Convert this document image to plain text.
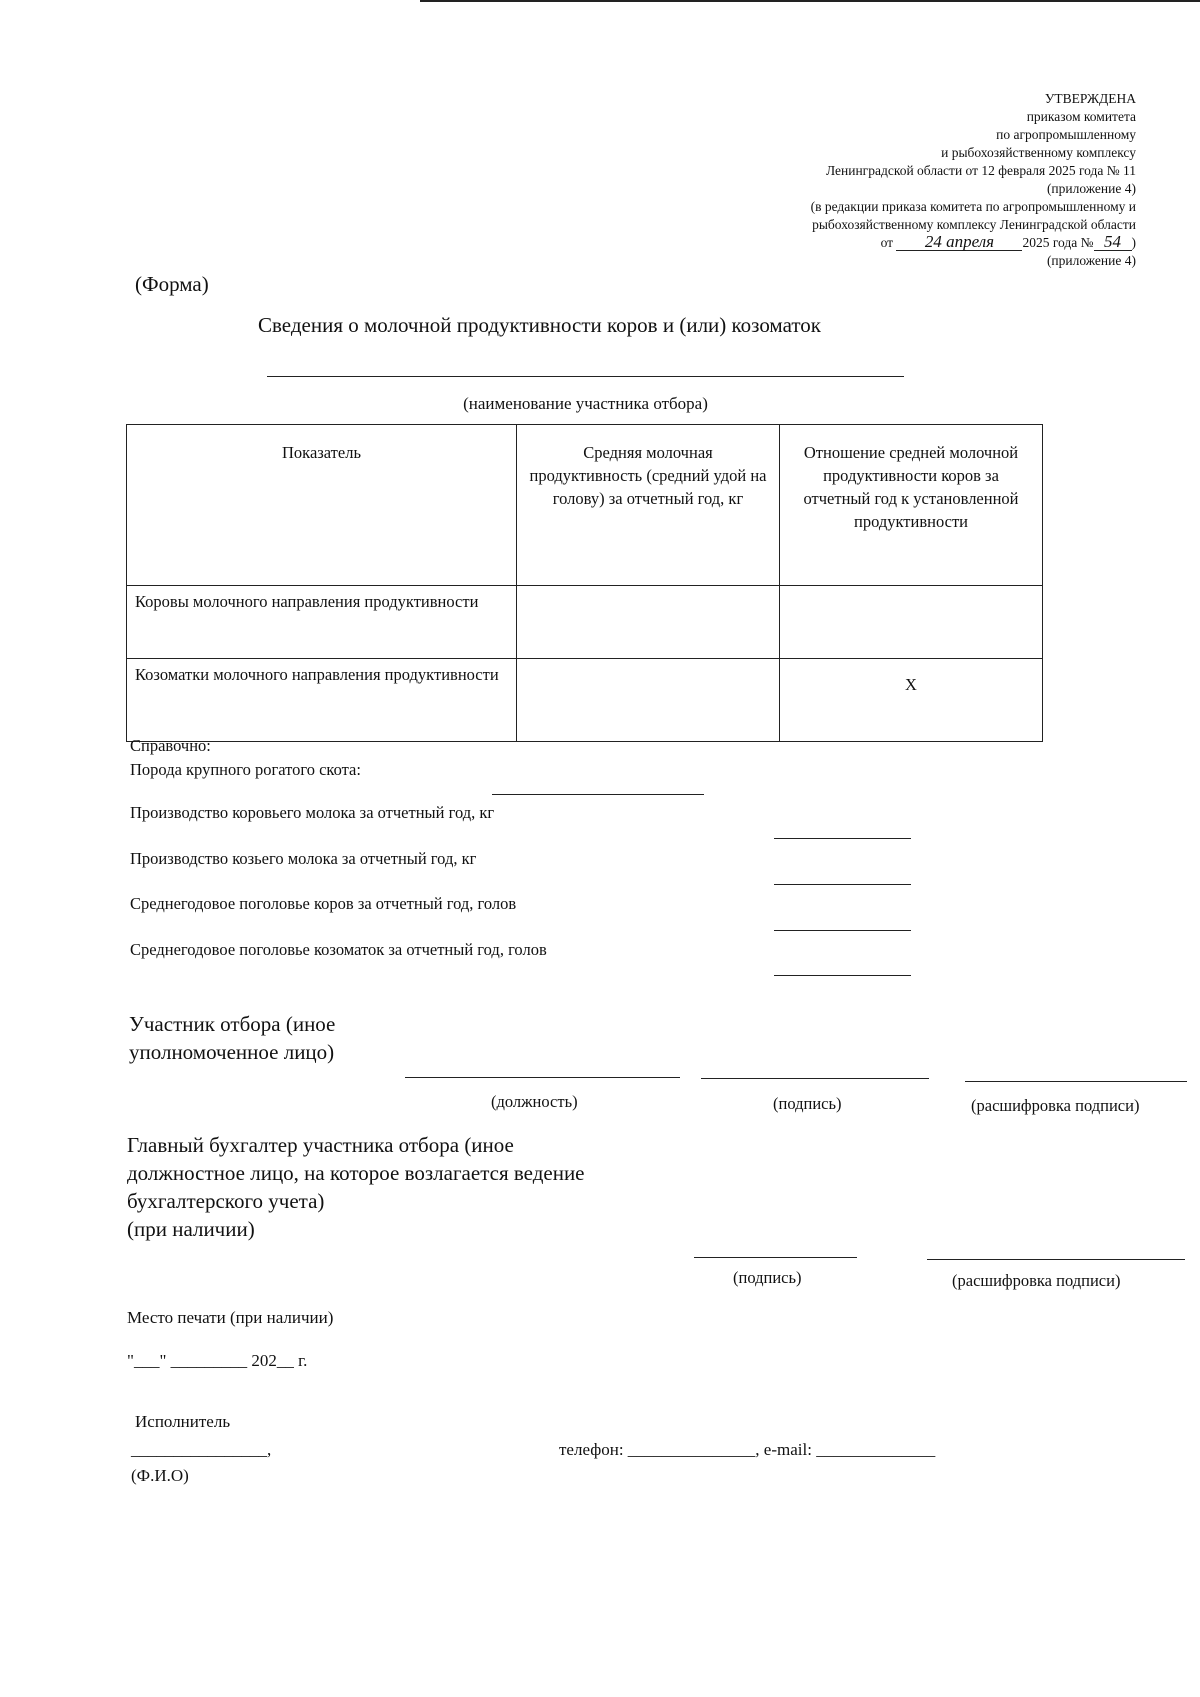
УТВЕРЖДЕНА
приказом комитета
по агропромышленному
и рыбохозяйственному комплексу
Ленинградской области от 12 февраля 2025 года № 11
(приложение 4)
(в редакции приказа комитета по агропромышленному и
рыбохозяйственному комплексу Ленинградской области
от 24 апреля 2025 года № 54 )
(приложение 4)
(Форма)
Сведения о молочной продуктивности коров и (или) козоматок
(наименование участника отбора)
Показатель	Средняя молочная продуктивность (средний удой на голову) за отчетный год, кг	Отношение средней молочной продуктивности коров за отчетный год к установленной продуктивности
Коровы молочного направления продуктивности		
Козоматки молочного направления продуктивности		X
Справочно:
Порода крупного рогатого скота:
Производство коровьего молока за отчетный год, кг
Производство козьего молока за отчетный год, кг
Среднегодовое поголовье коров за отчетный год, голов
Среднегодовое поголовье козоматок за отчетный год, голов
Участник отбора (иное
уполномоченное лицо)
(должность)	(подпись)	(расшифровка подписи)
Главный бухгалтер участника отбора (иное
должностное лицо, на которое возлагается ведение
бухгалтерского учета)
(при наличии)
(подпись)	(расшифровка подписи)
Место печати (при наличии)
"___" _________ 202__ г.
Исполнитель
________________,
(Ф.И.О)
телефон: _______________, e-mail: ______________
